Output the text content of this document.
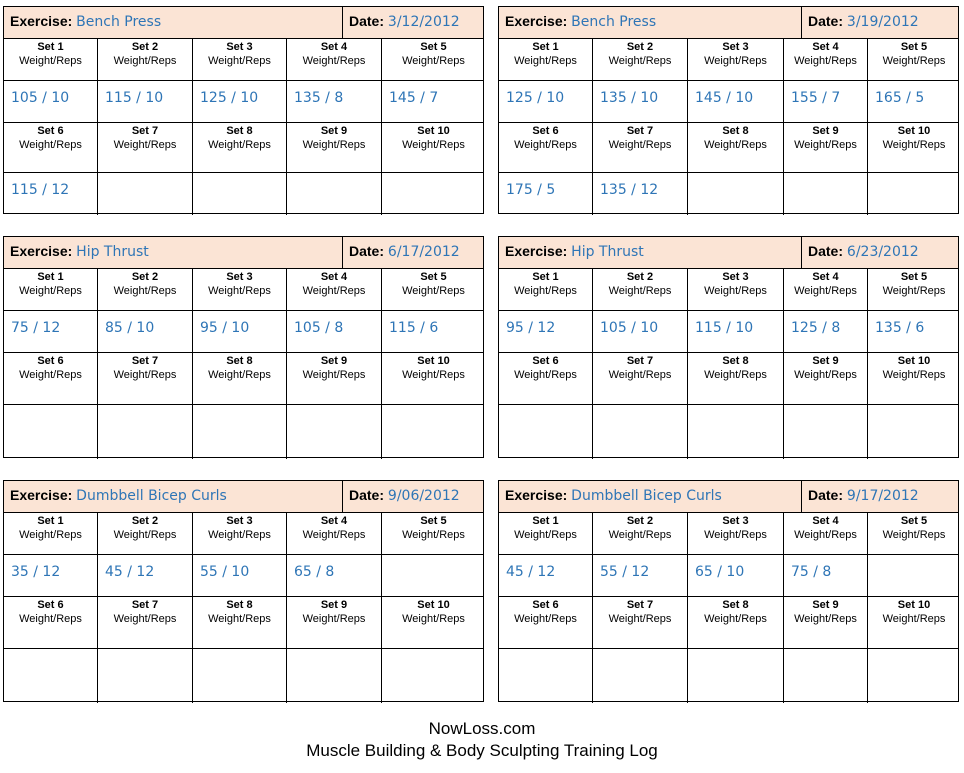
Exercise: Bench Press	Date: 3/12/2012
Set 1
Weight/Reps
Set 2
Weight/Reps
Set 3
Weight/Reps
Set 4
Weight/Reps
Set 5
Weight/Reps
105 / 10	115 / 10	125 / 10	135 / 8	145 / 7
Set 6
Weight/Reps
Set 7
Weight/Reps
Set 8
Weight/Reps
Set 9
Weight/Reps
Set 10
Weight/Reps
115 / 12
Exercise: Bench Press	Date: 3/19/2012
Set 1
Weight/Reps
Set 2
Weight/Reps
Set 3
Weight/Reps
Set 4
Weight/Reps
Set 5
Weight/Reps
125 / 10	135 / 10	145 / 10	155 / 7 165 / 5
Set 6
Weight/Reps
Set 7
Weight/Reps
Set 8
Weight/Reps
Set 9
Weight/Reps
Set 10
Weight/Reps
175 / 5	135 / 12
Exercise: Hip Thrust	Date: 6/17/2012
Set 1
Weight/Reps
Set 2
Weight/Reps
Set 3
Weight/Reps
Set 4
Weight/Reps
Set 5
Weight/Reps
75 / 12	85 / 10	95 / 10	105 / 8	115 / 6
Set 6
Weight/Reps
Set 7
Weight/Reps
Set 8
Weight/Reps
Set 9
Weight/Reps
Set 10
Weight/Reps
Exercise: Hip Thrust	Date: 6/23/2012
Set 1
Weight/Reps
Set 2
Weight/Reps
Set 3
Weight/Reps
Set 4
Weight/Reps
Set 5
Weight/Reps
95 / 12	105 / 10	115 / 10	125 / 8 135 / 6
Set 6
Weight/Reps
Set 7
Weight/Reps
Set 8
Weight/Reps
Set 9
Weight/Reps
Set 10
Weight/Reps
Exercise: Dumbbell Bicep Curls	Date: 9/06/2012
Set 1
Weight/Reps
Set 2
Weight/Reps
Set 3
Weight/Reps
Set 4
Weight/Reps
Set 5
Weight/Reps
35 / 12	45 / 12	55 / 10	65 / 8
Set 6
Weight/Reps
Set 7
Weight/Reps
Set 8
Weight/Reps
Set 9
Weight/Reps
Set 10
Weight/Reps
Exercise: Dumbbell Bicep Curls	Date: 9/17/2012
Set 1
Weight/Reps
Set 2
Weight/Reps
Set 3
Weight/Reps
Set 4
Weight/Reps
Set 5
Weight/Reps
45 / 12	55 / 12	65 / 10	75 / 8
Set 6
Weight/Reps
Set 7
Weight/Reps
Set 8
Weight/Reps
Set 9
Weight/Reps
Set 10
Weight/Reps
NowLoss.com
Muscle Building & Body Sculpting Training Log
